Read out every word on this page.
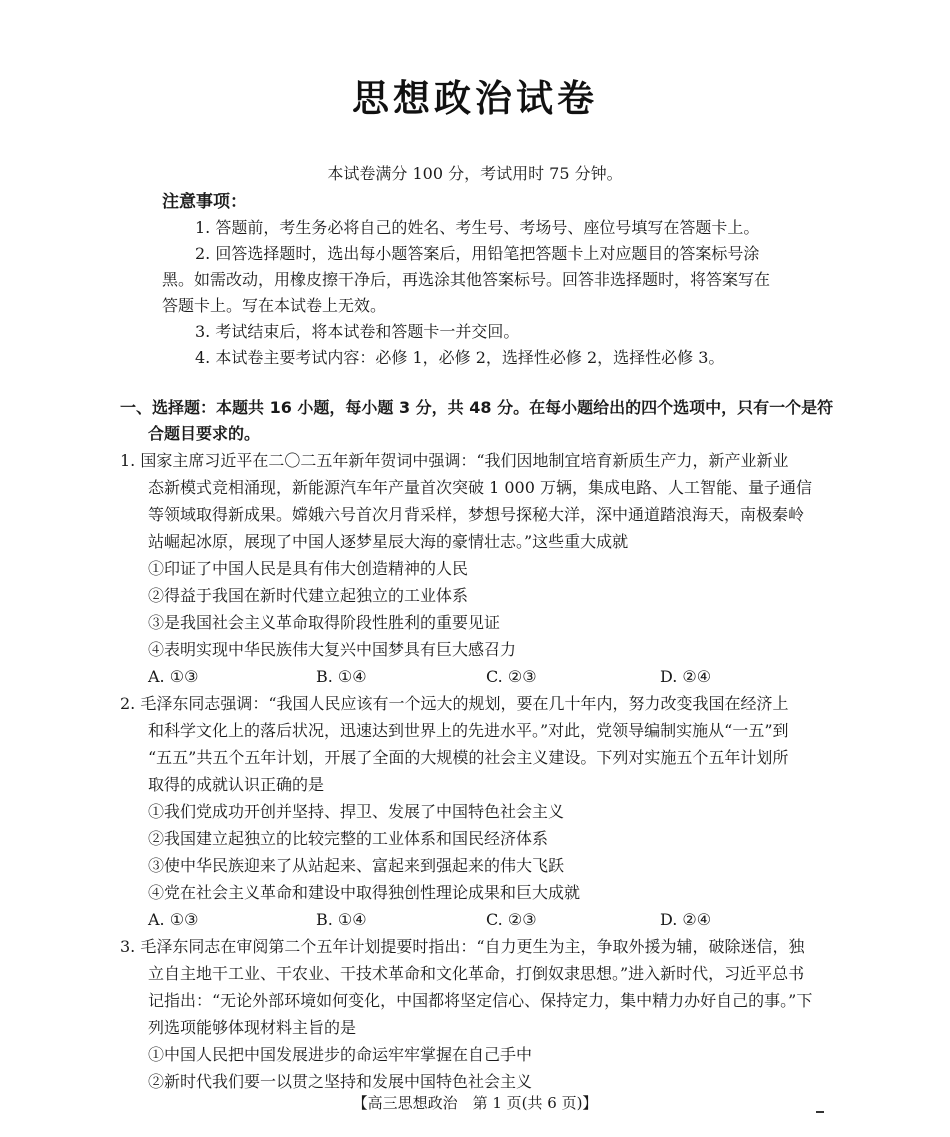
思想政治试卷
本试卷满分 100 分，考试用时 75 分钟。
注意事项：
1. 答题前，考生务必将自己的姓名、考生号、考场号、座位号填写在答题卡上。
2. 回答选择题时，选出每小题答案后，用铅笔把答题卡上对应题目的答案标号涂
黑。如需改动，用橡皮擦干净后，再选涂其他答案标号。回答非选择题时，将答案写在
答题卡上。写在本试卷上无效。
3. 考试结束后，将本试卷和答题卡一并交回。
4. 本试卷主要考试内容：必修 1，必修 2，选择性必修 2，选择性必修 3。
一、选择题：本题共 16 小题，每小题 3 分，共 48 分。在每小题给出的四个选项中，只有一个是符
合题目要求的。
1. 国家主席习近平在二〇二五年新年贺词中强调：“我们因地制宜培育新质生产力，新产业新业
态新模式竞相涌现，新能源汽车年产量首次突破 1 000 万辆，集成电路、人工智能、量子通信
等领域取得新成果。嫦娥六号首次月背采样，梦想号探秘大洋，深中通道踏浪海天，南极秦岭
站崛起冰原，展现了中国人逐梦星辰大海的豪情壮志。”这些重大成就
①印证了中国人民是具有伟大创造精神的人民
②得益于我国在新时代建立起独立的工业体系
③是我国社会主义革命取得阶段性胜利的重要见证
④表明实现中华民族伟大复兴中国梦具有巨大感召力
A. ①③	B. ①④	C. ②③	D. ②④
2. 毛泽东同志强调：“我国人民应该有一个远大的规划，要在几十年内，努力改变我国在经济上
和科学文化上的落后状况，迅速达到世界上的先进水平。”对此，党领导编制实施从“一五”到
“五五”共五个五年计划，开展了全面的大规模的社会主义建设。下列对实施五个五年计划所
取得的成就认识正确的是
①我们党成功开创并坚持、捍卫、发展了中国特色社会主义
②我国建立起独立的比较完整的工业体系和国民经济体系
③使中华民族迎来了从站起来、富起来到强起来的伟大飞跃
④党在社会主义革命和建设中取得独创性理论成果和巨大成就
A. ①③	B. ①④	C. ②③	D. ②④
3. 毛泽东同志在审阅第二个五年计划提要时指出：“自力更生为主，争取外援为辅，破除迷信，独
立自主地干工业、干农业、干技术革命和文化革命，打倒奴隶思想。”进入新时代，习近平总书
记指出：“无论外部环境如何变化，中国都将坚定信心、保持定力，集中精力办好自己的事。”下
列选项能够体现材料主旨的是
①中国人民把中国发展进步的命运牢牢掌握在自己手中
②新时代我们要一以贯之坚持和发展中国特色社会主义
【高三思想政治　第 1 页(共 6 页)】
